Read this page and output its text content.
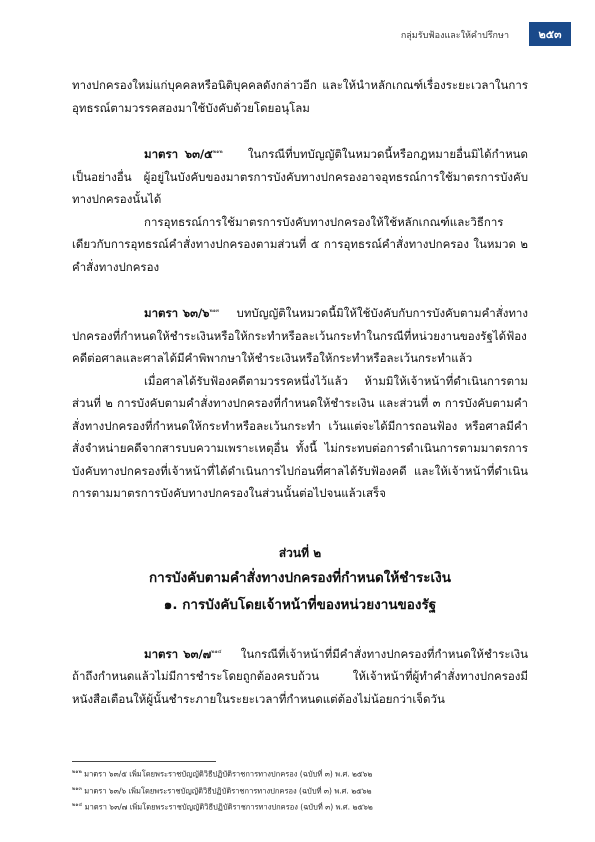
กลุ่มรับฟ้องและให้คำปรึกษา	๒๕๓

ทางปกครองใหม่แก่บุคคลหรือนิติบุคคลดังกล่าวอีก และให้นำหลักเกณฑ์เรื่องระยะเวลาในการอุทธรณ์ตามวรรคสองมาใช้บังคับด้วยโดยอนุโลม

มาตรา ๖๓/๕$^{๒๑๒}$ ในกรณีที่บทบัญญัติในหมวดนี้หรือกฎหมายอื่นมิได้กำหนดเป็นอย่างอื่น ผู้อยู่ในบังคับของมาตรการบังคับทางปกครองอาจอุทธรณ์การใช้มาตรการบังคับทางปกครองนั้นได้

การอุทธรณ์การใช้มาตรการบังคับทางปกครองให้ใช้หลักเกณฑ์และวิธีการเดียวกับการอุทธรณ์คำสั่งทางปกครองตามส่วนที่ ๕ การอุทธรณ์คำสั่งทางปกครอง ในหมวด ๒ คำสั่งทางปกครอง

มาตรา ๖๓/๖$^{๒๑๓}$ บทบัญญัติในหมวดนี้มิให้ใช้บังคับกับการบังคับตามคำสั่งทางปกครองที่กำหนดให้ชำระเงินหรือให้กระทำหรือละเว้นกระทำในกรณีที่หน่วยงานของรัฐได้ฟ้องคดีต่อศาลและศาลได้มีคำพิพากษาให้ชำระเงินหรือให้กระทำหรือละเว้นกระทำแล้ว

เมื่อศาลได้รับฟ้องคดีตามวรรคหนึ่งไว้แล้ว ห้ามมิให้เจ้าหน้าที่ดำเนินการตามส่วนที่ ๒ การบังคับตามคำสั่งทางปกครองที่กำหนดให้ชำระเงิน และส่วนที่ ๓ การบังคับตามคำสั่งทางปกครองที่กำหนดให้กระทำหรือละเว้นกระทำ เว้นแต่จะได้มีการถอนฟ้อง หรือศาลมีคำสั่งจำหน่ายคดีจากสารบบความเพราะเหตุอื่น ทั้งนี้ ไม่กระทบต่อการดำเนินการตามมาตรการบังคับทางปกครองที่เจ้าหน้าที่ได้ดำเนินการไปก่อนที่ศาลได้รับฟ้องคดี และให้เจ้าหน้าที่ดำเนินการตามมาตรการบังคับทางปกครองในส่วนนั้นต่อไปจนแล้วเสร็จ

ส่วนที่ ๒

การบังคับตามคำสั่งทางปกครองที่กำหนดให้ชำระเงิน

๑. การบังคับโดยเจ้าหน้าที่ของหน่วยงานของรัฐ

มาตรา ๖๓/๗$^{๒๑๔}$ ในกรณีที่เจ้าหน้าที่มีคำสั่งทางปกครองที่กำหนดให้ชำระเงิน ถ้าถึงกำหนดแล้วไม่มีการชำระโดยถูกต้องครบถ้วน ให้เจ้าหน้าที่ผู้ทำคำสั่งทางปกครองมีหนังสือเตือนให้ผู้นั้นชำระภายในระยะเวลาที่กำหนดแต่ต้องไม่น้อยกว่าเจ็ดวัน

$^{๒๑๒}$ มาตรา ๖๓/๕ เพิ่มโดยพระราชบัญญัติวิธีปฏิบัติราชการทางปกครอง (ฉบับที่ ๓) พ.ศ. ๒๕๖๒
$^{๒๑๓}$ มาตรา ๖๓/๖ เพิ่มโดยพระราชบัญญัติวิธีปฏิบัติราชการทางปกครอง (ฉบับที่ ๓) พ.ศ. ๒๕๖๒
$^{๒๑๔}$ มาตรา ๖๓/๗ เพิ่มโดยพระราชบัญญัติวิธีปฏิบัติราชการทางปกครอง (ฉบับที่ ๓) พ.ศ. ๒๕๖๒
